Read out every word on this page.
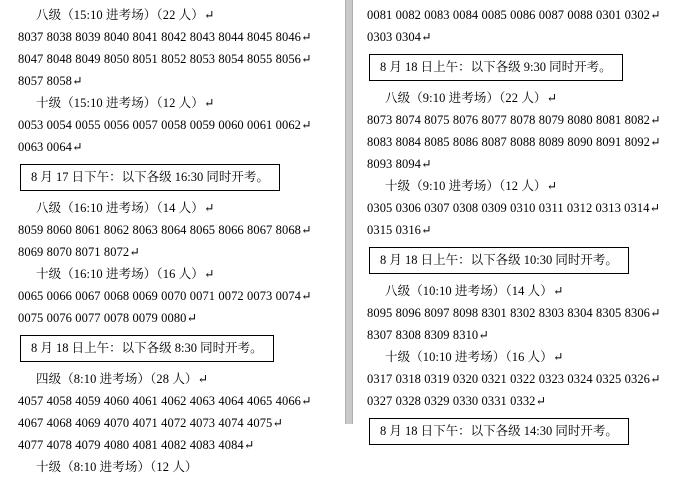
八级（15:10 进考场）（22 人）↵
8037 8038 8039 8040 8041 8042 8043 8044 8045 8046↵
8047 8048 8049 8050 8051 8052 8053 8054 8055 8056↵
8057 8058↵
十级（15:10 进考场）（12 人）↵
0053 0054 0055 0056 0057 0058 0059 0060 0061 0062↵
0063 0064↵
8 月 17 日下午：以下各级 16:30 同时开考。
八级（16:10 进考场）（14 人）↵
8059 8060 8061 8062 8063 8064 8065 8066 8067 8068↵
8069 8070 8071 8072↵
十级（16:10 进考场）（16 人）↵
0065 0066 0067 0068 0069 0070 0071 0072 0073 0074↵
0075 0076 0077 0078 0079 0080↵
8 月 18 日上午：以下各级 8:30 同时开考。
四级（8:10 进考场）（28 人）↵
4057 4058 4059 4060 4061 4062 4063 4064 4065 4066↵
4067 4068 4069 4070 4071 4072 4073 4074 4075↵
4077 4078 4079 4080 4081 4082 4083 4084↵
十级（8:10 进考场）（12 人）
0081 0082 0083 0084 0085 0086 0087 0088 0301 0302↵
0303 0304↵
8 月 18 日上午：以下各级 9:30 同时开考。
八级（9:10 进考场）（22 人）↵
8073 8074 8075 8076 8077 8078 8079 8080 8081 8082↵
8083 8084 8085 8086 8087 8088 8089 8090 8091 8092↵
8093 8094↵
十级（9:10 进考场）（12 人）↵
0305 0306 0307 0308 0309 0310 0311 0312 0313 0314↵
0315 0316↵
8 月 18 日上午：以下各级 10:30 同时开考。
八级（10:10 进考场）（14 人）↵
8095 8096 8097 8098 8301 8302 8303 8304 8305 8306↵
8307 8308 8309 8310↵
十级（10:10 进考场）（16 人）↵
0317 0318 0319 0320 0321 0322 0323 0324 0325 0326↵
0327 0328 0329 0330 0331 0332↵
8 月 18 日下午：以下各级 14:30 同时开考。
